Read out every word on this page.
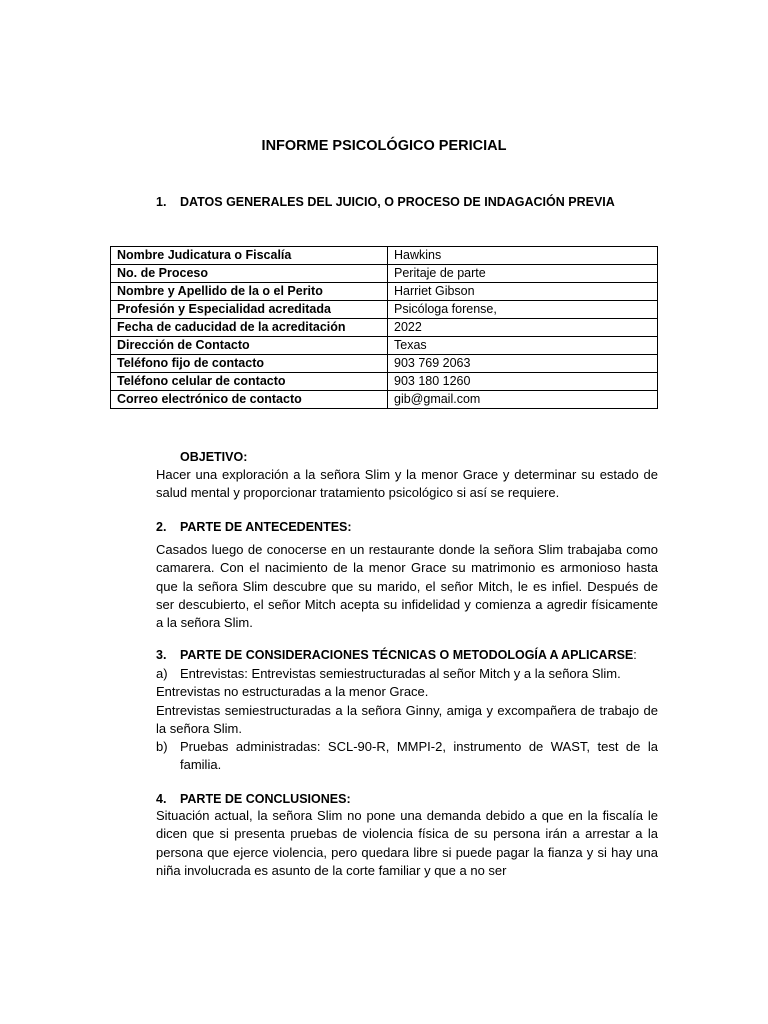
INFORME PSICOLÓGICO PERICIAL
1. DATOS GENERALES DEL JUICIO, O PROCESO DE INDAGACIÓN PREVIA
Nombre Judicatura o Fiscalía	Hawkins
No. de Proceso	Peritaje de parte
Nombre y Apellido de la o el Perito	Harriet Gibson
Profesión y Especialidad acreditada	Psicóloga forense,
Fecha de caducidad de la acreditación	2022
Dirección de Contacto	Texas
Teléfono fijo de contacto	903 769 2063
Teléfono celular de contacto	903 180 1260
Correo electrónico de contacto	gib@gmail.com
OBJETIVO:
Hacer una exploración a la señora Slim y la menor Grace y determinar su estado de salud mental y proporcionar tratamiento psicológico si así se requiere.
2. PARTE DE ANTECEDENTES:
Casados luego de conocerse en un restaurante donde la señora Slim trabajaba como camarera. Con el nacimiento de la menor Grace su matrimonio es armonioso hasta que la señora Slim descubre que su marido, el señor Mitch, le es infiel. Después de ser descubierto, el señor Mitch acepta su infidelidad y comienza a agredir físicamente a la señora Slim.
3. PARTE DE CONSIDERACIONES TÉCNICAS O METODOLOGÍA A APLICARSE:

a) Entrevistas: Entrevistas semiestructuradas al señor Mitch y a la señora Slim.

Entrevistas no estructuradas a la menor Grace.

Entrevistas semiestructuradas a la señora Ginny, amiga y excompañera de trabajo de la señora Slim.

b) Pruebas administradas: SCL-90-R, MMPI-2, instrumento de WAST, test de la familia.

4. PARTE DE CONCLUSIONES:
Situación actual, la señora Slim no pone una demanda debido a que en la fiscalía le dicen que si presenta pruebas de violencia física de su persona irán a arrestar a la persona que ejerce violencia, pero quedara libre si puede pagar la fianza y si hay una niña involucrada es asunto de la corte familiar y que a no ser
